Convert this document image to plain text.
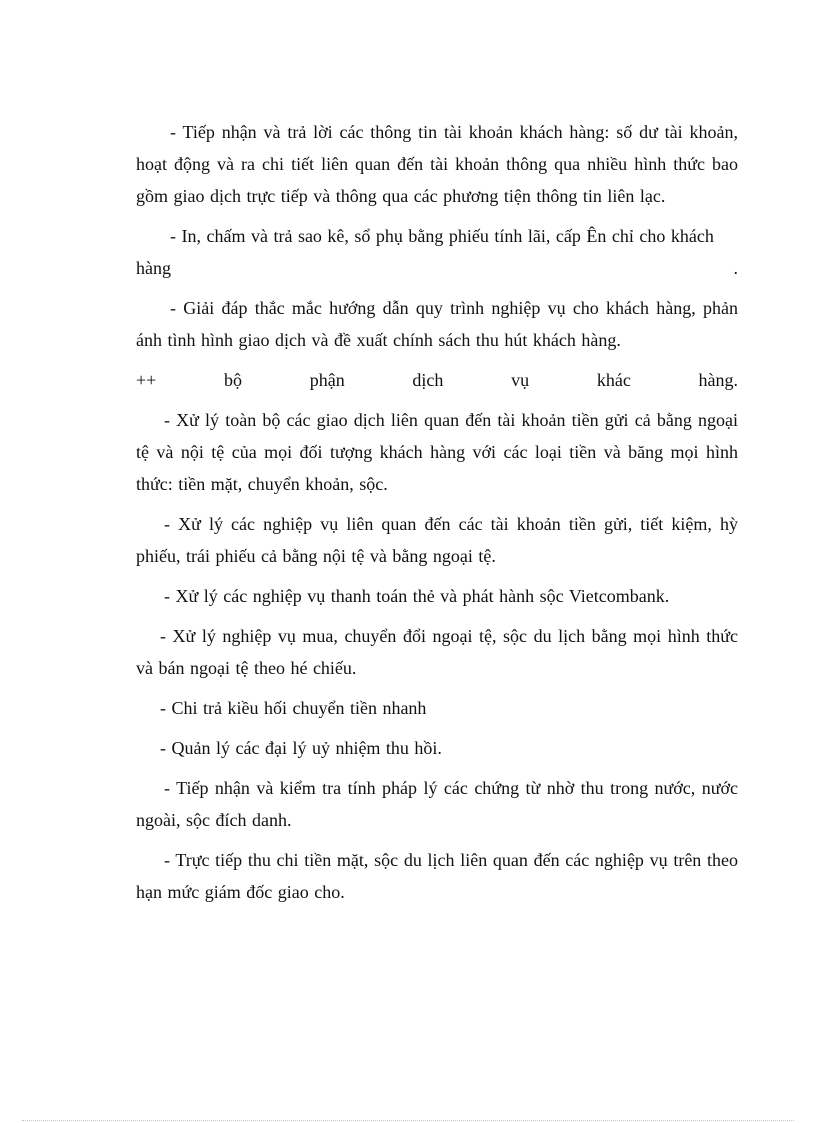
- Tiếp nhận và trả lời các thông tin tài khoản khách hàng: số dư tài khoản, hoạt động và ra chi tiết liên quan đến tài khoản thông qua nhiều hình thức bao gồm giao dịch trực tiếp và thông qua các phương tiện thông tin liên lạc.

- In, chấm và trả sao kê, sổ phụ bằng phiếu tính lãi, cấp Ên chỉ cho khách

hàng	.

- Giải đáp thắc mắc hướng dẫn quy trình nghiệp vụ cho khách hàng, phản ánh tình hình giao dịch và đề xuất chính sách thu hút khách hàng.

++ bộ phận dịch vụ khác hàng.

- Xử lý toàn bộ các giao dịch liên quan đến tài khoản tiền gửi cả bằng ngoại tệ và nội tệ của mọi đối tượng khách hàng với các loại tiền và băng mọi hình thức: tiền mặt, chuyển khoản, sộc.

- Xử lý các nghiệp vụ liên quan đến các tài khoản tiền gửi, tiết kiệm, hỳ phiếu, trái phiếu cả bằng nội tệ và bằng ngoại tệ.

- Xử lý các nghiệp vụ thanh toán thẻ và phát hành sộc Vietcombank.

- Xử lý nghiệp vụ mua, chuyển đổi ngoại tệ, sộc du lịch bằng mọi hình thức và bán ngoại tệ theo hé chiếu.

- Chi trả kiều hối chuyển tiền nhanh

- Quản lý các đại lý uỷ nhiệm thu hồi.

- Tiếp nhận và kiểm tra tính pháp lý các chứng từ nhờ thu trong nước, nước ngoài, sộc đích danh.

- Trực tiếp thu chi tiền mặt, sộc du lịch liên quan đến các nghiệp vụ trên theo hạn mức giám đốc giao cho.
